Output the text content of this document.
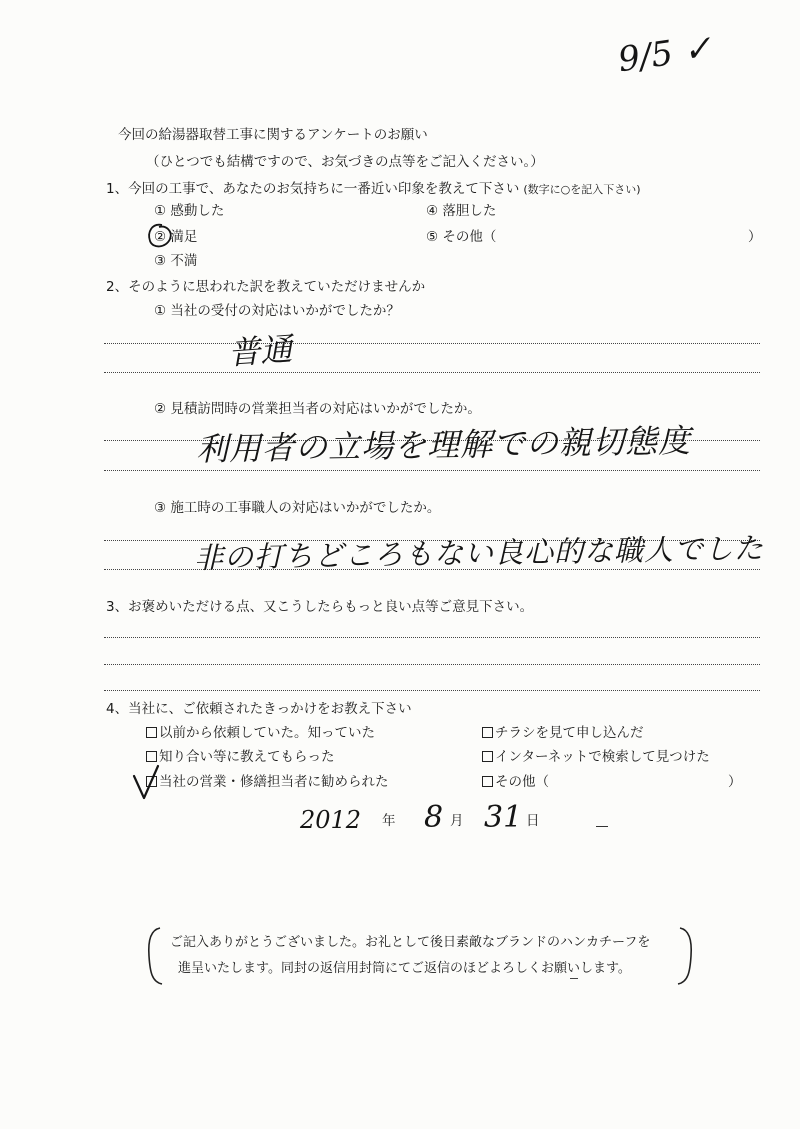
9/5 ✓
今回の給湯器取替工事に関するアンケートのお願い
（ひとつでも結構ですので、お気づきの点等をご記入ください。）
1、今回の工事で、あなたのお気持ちに一番近い印象を教えて下さい (数字に○を記入下さい)
① 感動した
② 満足
③ 不満
④ 落胆した
⑤ その他（	）
2、そのように思われた訳を教えていただけませんか
① 当社の受付の対応はいかがでしたか？
普通
② 見積訪問時の営業担当者の対応はいかがでしたか。
利用者の立場を理解での親切態度
③ 施工時の工事職人の対応はいかがでしたか。
非の打ちどころもない良心的な職人でした
3、お褒めいただける点、又こうしたらもっと良い点等ご意見下さい。
4、当社に、ご依頼されたきっかけをお教え下さい
以前から依頼していた。知っていた
知り合い等に教えてもらった
当社の営業・修繕担当者に勧められた
チラシを見て申し込んだ
インターネットで検索して見つけた
その他（	）
2012 年 8 月 31 日
ご記入ありがとうございました。お礼として後日素敵なブランドのハンカチーフを
進呈いたします。同封の返信用封筒にてご返信のほどよろしくお願いします。
